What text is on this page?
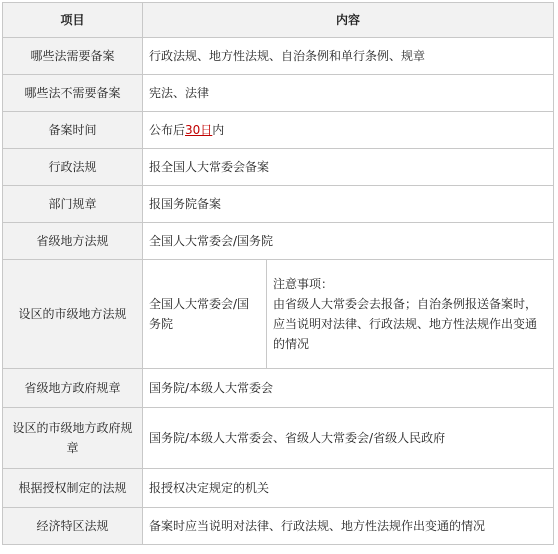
项目	内容	
哪些法需要备案	行政法规、地方性法规、自治条例和单行条例、规章	
哪些法不需要备案	宪法、法律	
备案时间	公布后30日内	
行政法规	报全国人大常委会备案	
部门规章	报国务院备案	
省级地方法规	全国人大常委会/国务院	
设区的市级地方法规	全国人大常委会/国务院	注意事项：
由省级人大常委会去报备；自治条例报送备案时，应当说明对法律、行政法规、地方性法规作出变通的情况
省级地方政府规章	国务院/本级人大常委会	
设区的市级地方政府规章	国务院/本级人大常委会、省级人大常委会/省级人民政府	
根据授权制定的法规	报授权决定规定的机关	
经济特区法规	备案时应当说明对法律、行政法规、地方性法规作出变通的情况	
